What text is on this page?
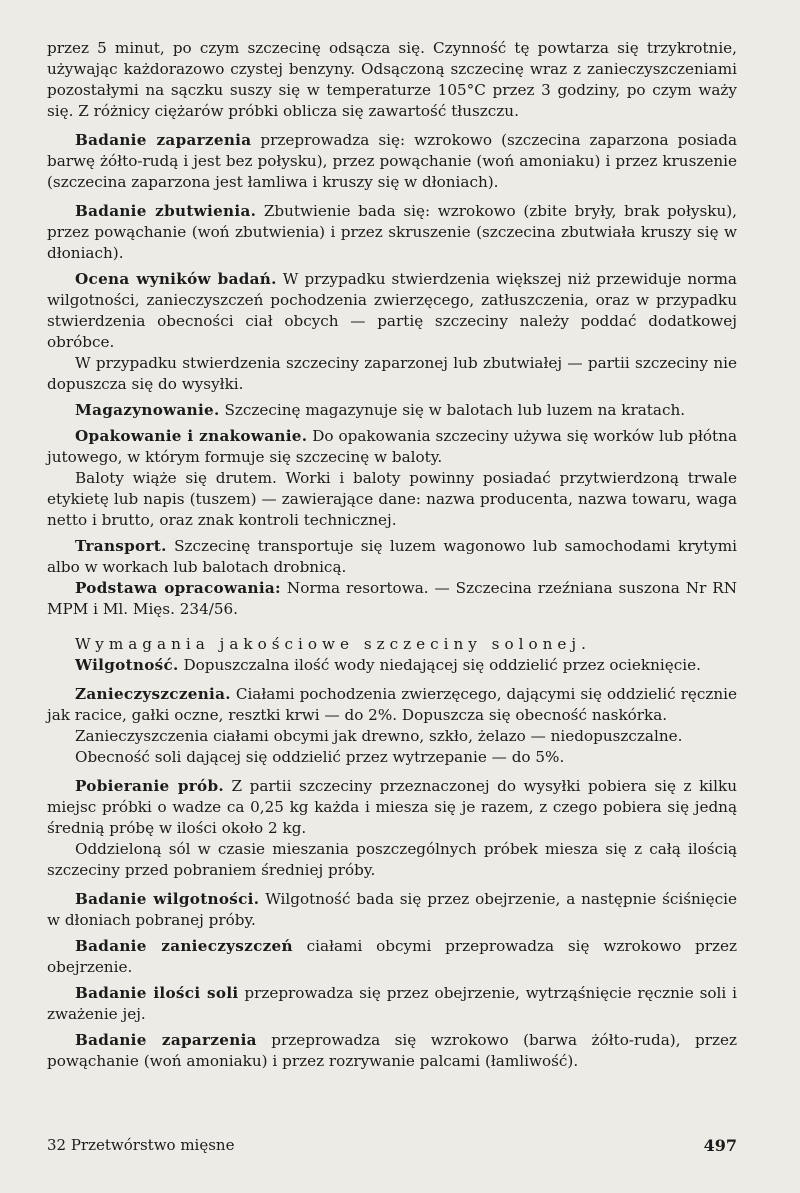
przez 5 minut, po czym szczecinę odsącza się. Czynność tę powtarza się trzykrotnie, używając każdorazowo czystej benzyny. Odsączoną szczecinę wraz z zanieczyszczeniami pozostałymi na sączku suszy się w temperaturze 105°C przez 3 godziny, po czym waży się. Z różnicy ciężarów próbki oblicza się zawartość tłuszczu.

Badanie zaparzenia przeprowadza się: wzrokowo (szczecina zaparzona posiada barwę żółto-rudą i jest bez połysku), przez powąchanie (woń amoniaku) i przez kruszenie (szczecina zaparzona jest łamliwa i kruszy się w dłoniach).

Badanie zbutwienia. Zbutwienie bada się: wzrokowo (zbite bryły, brak połysku), przez powąchanie (woń zbutwienia) i przez skruszenie (szczecina zbutwiała kruszy się w dłoniach).

Ocena wyników badań. W przypadku stwierdzenia większej niż przewiduje norma wilgotności, zanieczyszczeń pochodzenia zwierzęcego, zatłuszczenia, oraz w przypadku stwierdzenia obecności ciał obcych — partię szczeciny należy poddać dodatkowej obróbce.

W przypadku stwierdzenia szczeciny zaparzonej lub zbutwiałej — partii szczeciny nie dopuszcza się do wysyłki.

Magazynowanie. Szczecinę magazynuje się w balotach lub luzem na kratach.

Opakowanie i znakowanie. Do opakowania szczeciny używa się worków lub płótna jutowego, w którym formuje się szczecinę w baloty.

Baloty wiąże się drutem. Worki i baloty powinny posiadać przytwierdzoną trwale etykietę lub napis (tuszem) — zawierające dane: nazwa producenta, nazwa towaru, waga netto i brutto, oraz znak kontroli technicznej.

Transport. Szczecinę transportuje się luzem wagonowo lub samochodami krytymi albo w workach lub balotach drobnicą.

Podstawa opracowania: Norma resortowa. — Szczecina rzeźniana suszona Nr RN MPM i Ml. Mięs. 234/56.

Wymagania jakościowe szczeciny solonej.

Wilgotność. Dopuszczalna ilość wody niedającej się oddzielić przez ocieknięcie.

Zanieczyszczenia. Ciałami pochodzenia zwierzęcego, dającymi się oddzielić ręcznie jak racice, gałki oczne, resztki krwi — do 2%. Dopuszcza się obecność naskórka.

Zanieczyszczenia ciałami obcymi jak drewno, szkło, żelazo — niedopuszczalne.

Obecność soli dającej się oddzielić przez wytrzepanie — do 5%.

Pobieranie prób. Z partii szczeciny przeznaczonej do wysyłki pobiera się z kilku miejsc próbki o wadze ca 0,25 kg każda i miesza się je razem, z czego pobiera się jedną średnią próbę w ilości około 2 kg.

Oddzieloną sól w czasie mieszania poszczególnych próbek miesza się z całą ilością szczeciny przed pobraniem średniej próby.

Badanie wilgotności. Wilgotność bada się przez obejrzenie, a następnie ściśnięcie w dłoniach pobranej próby.

Badanie zanieczyszczeń ciałami obcymi przeprowadza się wzrokowo przez obejrzenie.

Badanie ilości soli przeprowadza się przez obejrzenie, wytrząśnięcie ręcznie soli i zważenie jej.

Badanie zaparzenia przeprowadza się wzrokowo (barwa żółto-ruda), przez powąchanie (woń amoniaku) i przez rozrywanie palcami (łamliwość).

32 Przetwórstwo mięsne	497
